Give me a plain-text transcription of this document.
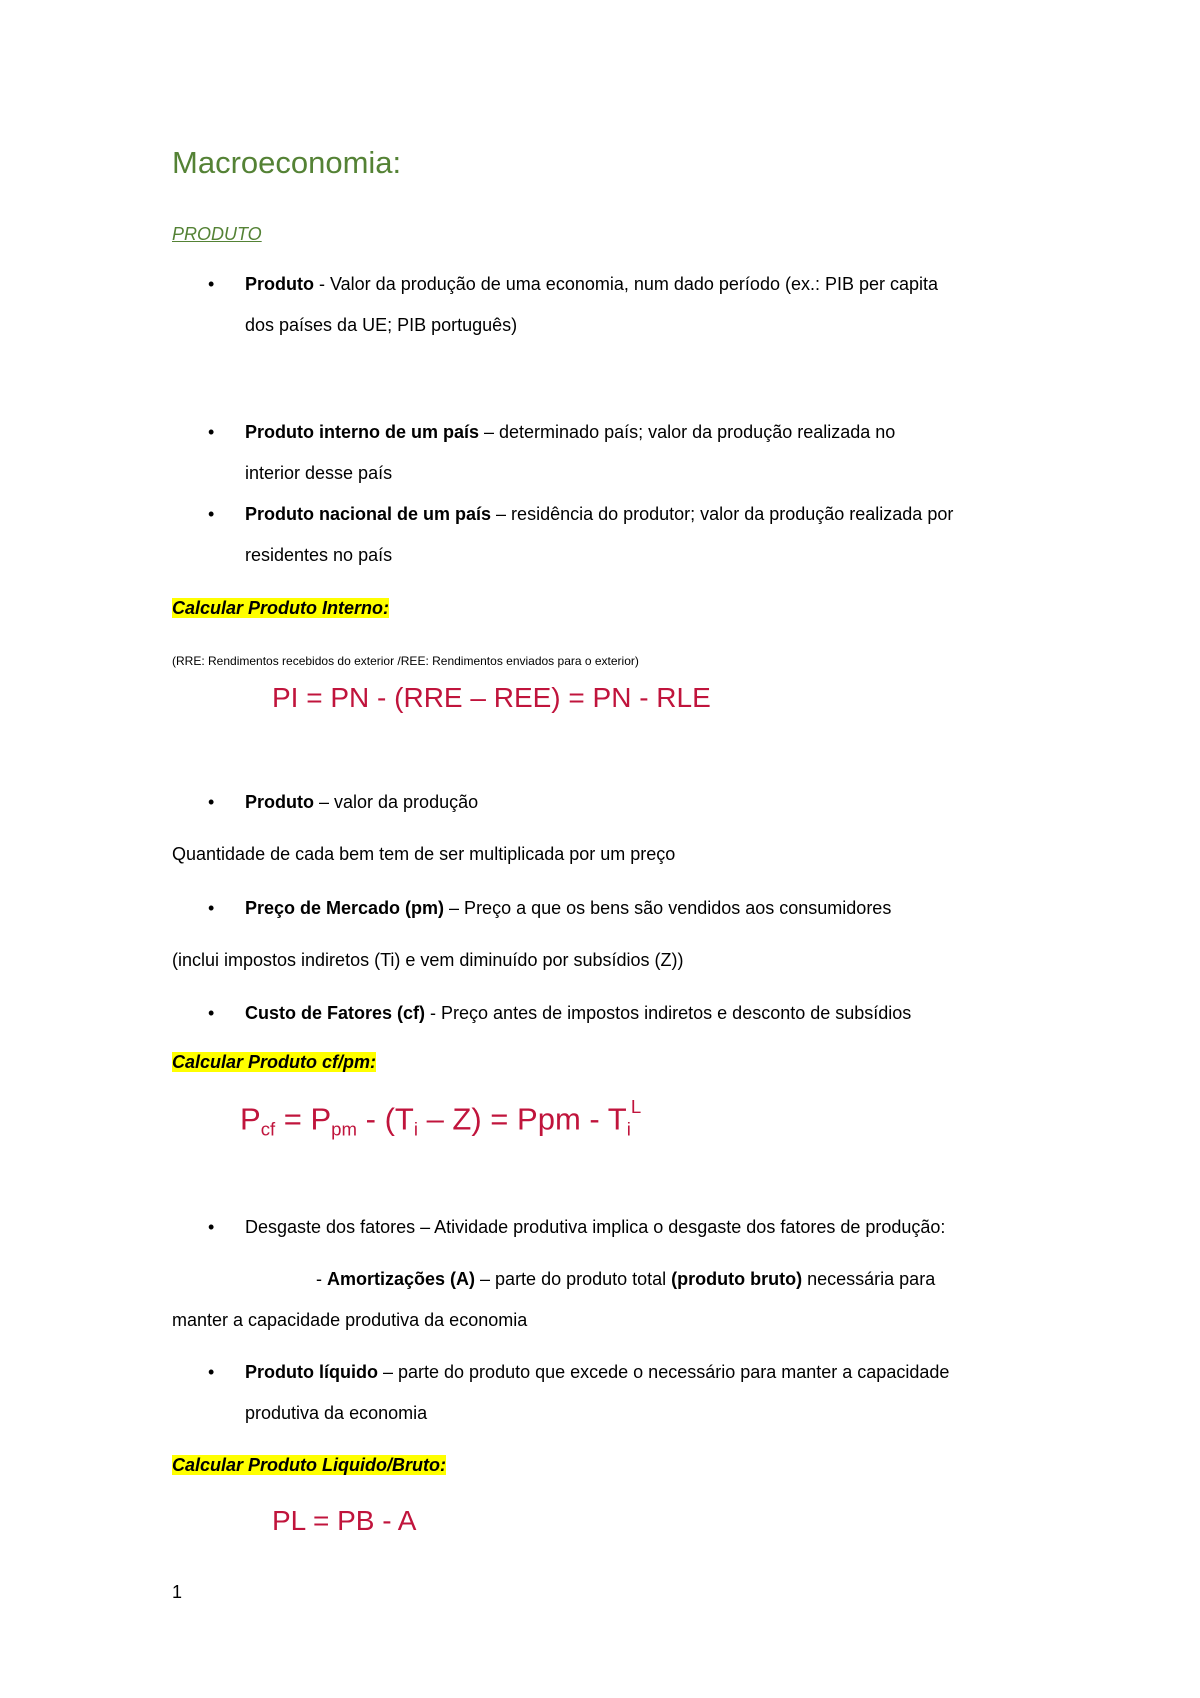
Macroeconomia:
PRODUTO
•
Produto - Valor da produção de uma economia, num dado período (ex.: PIB per capita
dos países da UE; PIB português)
•
Produto interno de um país – determinado país; valor da produção realizada no
interior desse país
•
Produto nacional de um país – residência do produtor; valor da produção realizada por
residentes no país
Calcular Produto Interno:
(RRE: Rendimentos recebidos do exterior /REE: Rendimentos enviados para o exterior)
PI = PN - (RRE – REE) = PN - RLE
•
Produto – valor da produção
Quantidade de cada bem tem de ser multiplicada por um preço
•
Preço de Mercado (pm) – Preço a que os bens são vendidos aos consumidores
(inclui impostos indiretos (Ti) e vem diminuído por subsídios (Z))
•
Custo de Fatores (cf) - Preço antes de impostos indiretos e desconto de subsídios
Calcular Produto cf/pm:
$P_{cf} = P_{pm} - (T_i - Z)$ = Ppm - $T_i^L$
•
Desgaste dos fatores – Atividade produtiva implica o desgaste dos fatores de produção:
- Amortizações (A) – parte do produto total (produto bruto) necessária para
manter a capacidade produtiva da economia
•
Produto líquido – parte do produto que excede o necessário para manter a capacidade
produtiva da economia
Calcular Produto Liquido/Bruto:
PL = PB - A
1
